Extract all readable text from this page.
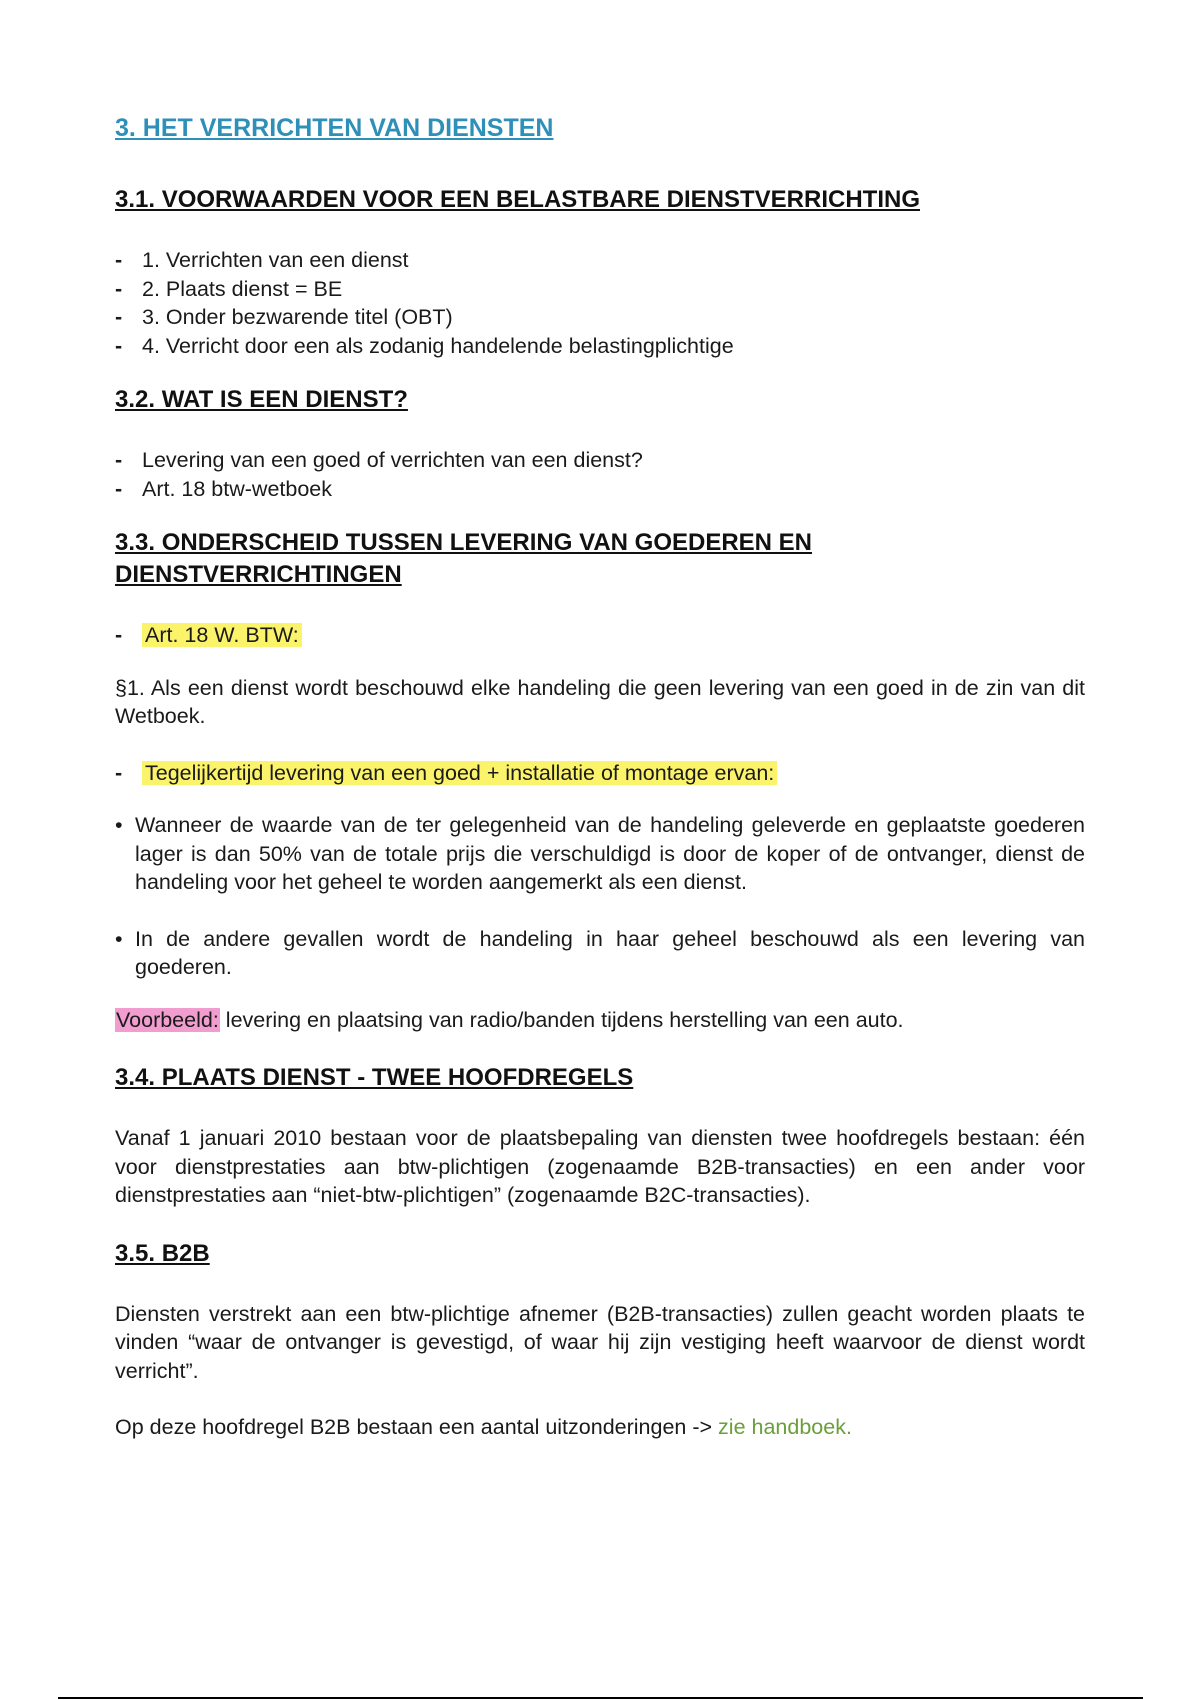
3. HET VERRICHTEN VAN DIENSTEN
3.1. VOORWAARDEN VOOR EEN BELASTBARE DIENSTVERRICHTING
- 1. Verrichten van een dienst
- 2. Plaats dienst = BE
- 3. Onder bezwarende titel (OBT)
- 4. Verricht door een als zodanig handelende belastingplichtige
3.2. WAT IS EEN DIENST?
- Levering van een goed of verrichten van een dienst?
- Art. 18 btw-wetboek
3.3. ONDERSCHEID TUSSEN LEVERING VAN GOEDEREN EN
DIENSTVERRICHTINGEN
- Art. 18 W. BTW:

§1. Als een dienst wordt beschouwd elke handeling die geen levering van een goed in de zin van dit Wetboek.

- Tegelijkertijd levering van een goed + installatie of montage ervan:
• Wanneer de waarde van de ter gelegenheid van de handeling geleverde en geplaatste goederen lager is dan 50% van de totale prijs die verschuldigd is door de koper of de ontvanger, dienst de handeling voor het geheel te worden aangemerkt als een dienst.
• In de andere gevallen wordt de handeling in haar geheel beschouwd als een levering van goederen.

Voorbeeld: levering en plaatsing van radio/banden tijdens herstelling van een auto.

3.4. PLAATS DIENST - TWEE HOOFDREGELS

Vanaf 1 januari 2010 bestaan voor de plaatsbepaling van diensten twee hoofdregels bestaan: één voor dienstprestaties aan btw-plichtigen (zogenaamde B2B-transacties) en een ander voor dienstprestaties aan “niet-btw-plichtigen” (zogenaamde B2C-transacties).

3.5. B2B

Diensten verstrekt aan een btw-plichtige afnemer (B2B-transacties) zullen geacht worden plaats te vinden “waar de ontvanger is gevestigd, of waar hij zijn vestiging heeft waarvoor de dienst wordt verricht”.

Op deze hoofdregel B2B bestaan een aantal uitzonderingen -> zie handboek.
